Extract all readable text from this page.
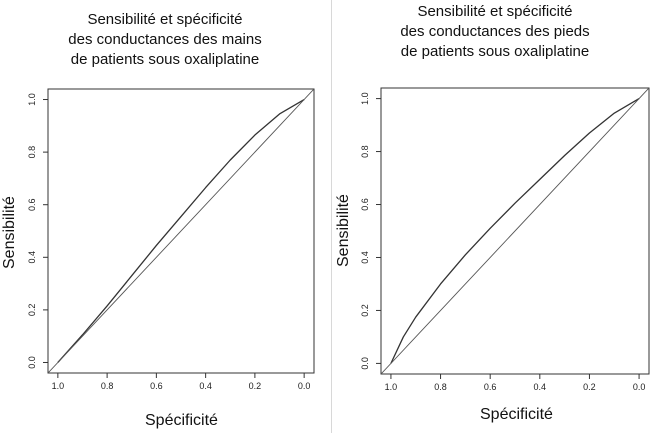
Sensibilité et spécificité
des conductances des mains
de patients sous oxaliplatine
1.0	0.8	0.6	0.4	0.2	0.0
0.0
0.2
0.4
0.6
0.8
1.0
Sensibilité
Spécificité
Sensibilité et spécificité
des conductances des pieds
de patients sous oxaliplatine
1.0	0.8	0.6	0.4	0.2	0.0
0.0
0.2
0.4
0.6
0.8
1.0
Sensibilité
Spécificité
